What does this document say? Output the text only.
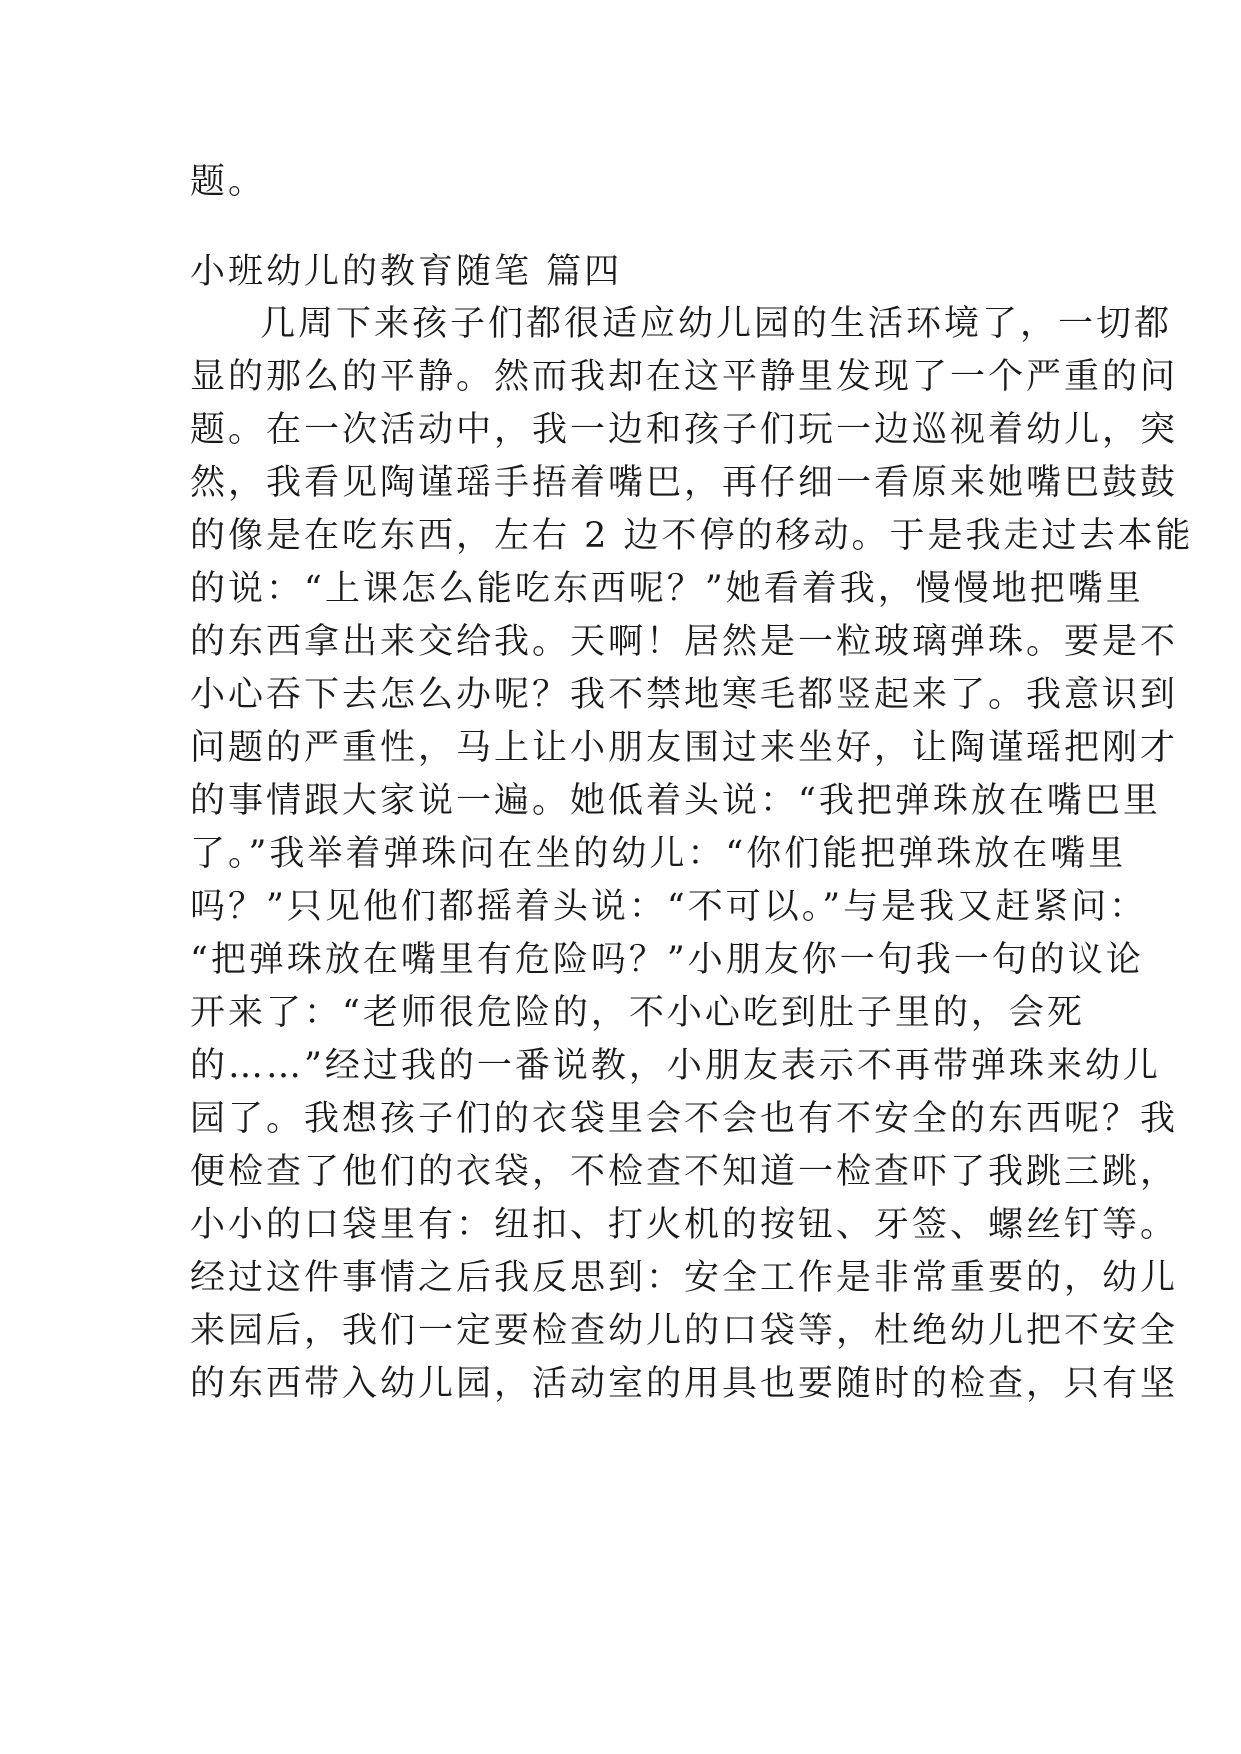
题。
小班幼儿的教育随笔 篇四
几周下来孩子们都很适应幼儿园的生活环境了，一切都
显的那么的平静。然而我却在这平静里发现了一个严重的问
题。在一次活动中，我一边和孩子们玩一边巡视着幼儿，突
然，我看见陶谨瑶手捂着嘴巴，再仔细一看原来她嘴巴鼓鼓
的像是在吃东西，左右 2 边不停的移动。于是我走过去本能
的说：“上课怎么能吃东西呢？”她看着我，慢慢地把嘴里
的东西拿出来交给我。天啊！居然是一粒玻璃弹珠。要是不
小心吞下去怎么办呢？我不禁地寒毛都竖起来了。我意识到
问题的严重性，马上让小朋友围过来坐好，让陶谨瑶把刚才
的事情跟大家说一遍。她低着头说：“我把弹珠放在嘴巴里
了。”我举着弹珠问在坐的幼儿：“你们能把弹珠放在嘴里
吗？”只见他们都摇着头说：“不可以。”与是我又赶紧问：
“把弹珠放在嘴里有危险吗？”小朋友你一句我一句的议论
开来了：“老师很危险的，不小心吃到肚子里的，会死
的……”经过我的一番说教，小朋友表示不再带弹珠来幼儿
园了。我想孩子们的衣袋里会不会也有不安全的东西呢？我
便检查了他们的衣袋，不检查不知道一检查吓了我跳三跳，
小小的口袋里有：纽扣、打火机的按钮、牙签、螺丝钉等。
经过这件事情之后我反思到：安全工作是非常重要的，幼儿
来园后，我们一定要检查幼儿的口袋等，杜绝幼儿把不安全
的东西带入幼儿园，活动室的用具也要随时的检查，只有坚
